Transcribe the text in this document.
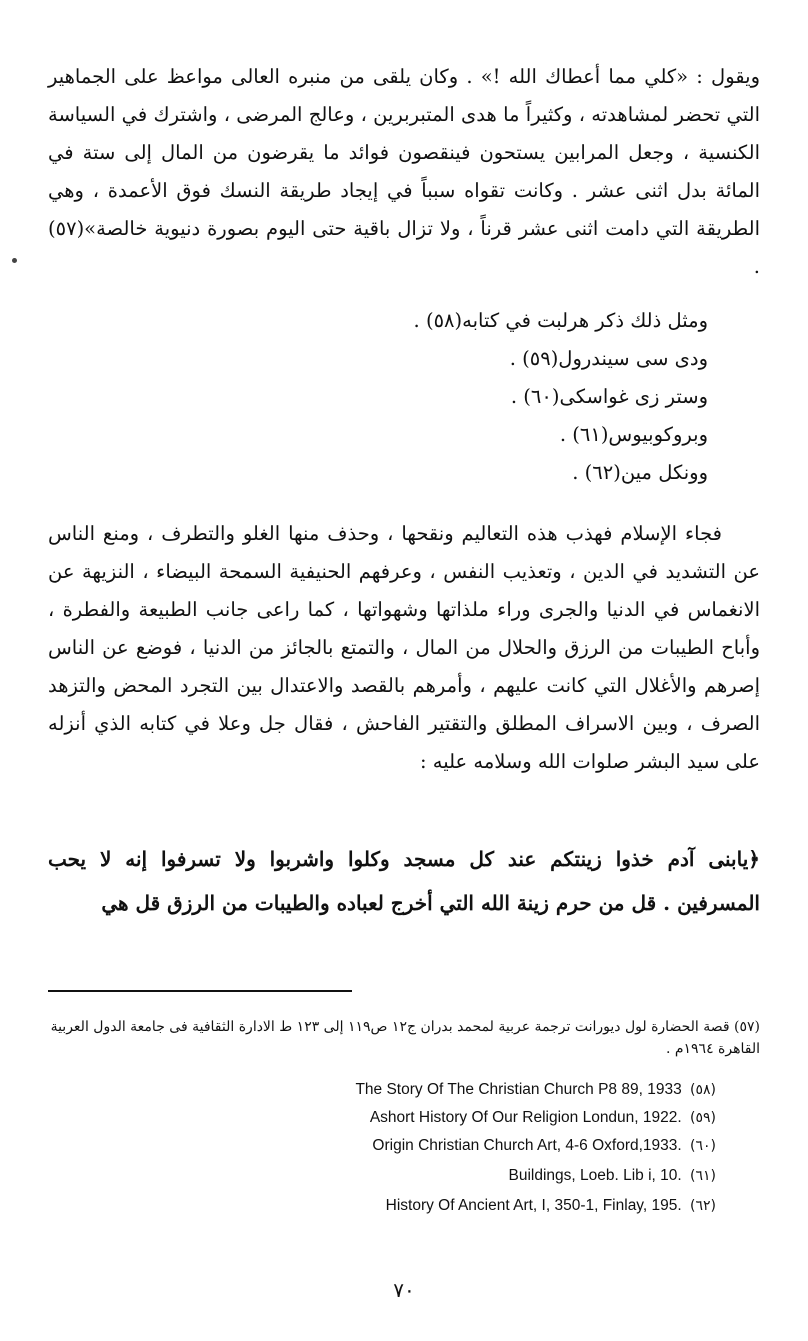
ويقول : «كلي مما أعطاك الله !» . وكان يلقى من منبره العالى مواعظ على الجماهير التي تحضر لمشاهدته ، وكثيراً ما هدى المتبربرين ، وعالج المرضى ، واشترك في السياسة الكنسية ، وجعل المرابين يستحون فينقصون فوائد ما يقرضون من المال إلى ستة في المائة بدل اثنى عشر . وكانت تقواه سبباً في إيجاد طريقة النسك فوق الأعمدة ، وهي الطريقة التي دامت اثنى عشر قرناً ، ولا تزال باقية حتى اليوم بصورة دنيوية خالصة»(٥٧) .

ومثل ذلك ذكر هرلبت في كتابه(٥٨) .
ودى سى سيندرول(٥٩) .
وستر زى غواسكى(٦٠) .
وبروكوبيوس(٦١) .
وونكل مين(٦٢) .

فجاء الإسلام فهذب هذه التعاليم ونقحها ، وحذف منها الغلو والتطرف ، ومنع الناس عن التشديد في الدين ، وتعذيب النفس ، وعرفهم الحنيفية السمحة البيضاء ، النزيهة عن الانغماس في الدنيا والجرى وراء ملذاتها وشهواتها ، كما راعى جانب الطبيعة والفطرة ، وأباح الطيبات من الرزق والحلال من المال ، والتمتع بالجائز من الدنيا ، فوضع عن الناس إصرهم والأغلال التي كانت عليهم ، وأمرهم بالقصد والاعتدال بين التجرد المحض والتزهد الصرف ، وبين الاسراف المطلق والتقتير الفاحش ، فقال جل وعلا في كتابه الذي أنزله على سيد البشر صلوات الله وسلامه عليه :

﴿يابنى آدم خذوا زينتكم عند كل مسجد وكلوا واشربوا ولا تسرفوا إنه لا يحب المسرفين . قل من حرم زينة الله التي أخرج لعباده والطيبات من الرزق قل هي

(٥٧) قصة الحضارة لول ديورانت ترجمة عربية لمحمد بدران ج١٢ ص١١٩ إلى ١٢٣ ط الادارة الثقافية فى جامعة الدول العربية القاهرة ١٩٦٤م .

The Story Of The Christian Church P8 89, 1933 (٥٨)
Ashort History Of Our Religion Londun, 1922. (٥٩)
Origin Christian Church Art, 4-6 Oxford,1933. (٦٠)
Buildings, Loeb. Lib i, 10. (٦١)
History Of Ancient Art, I, 350-1, Finlay, 195. (٦٢)
٧٠
